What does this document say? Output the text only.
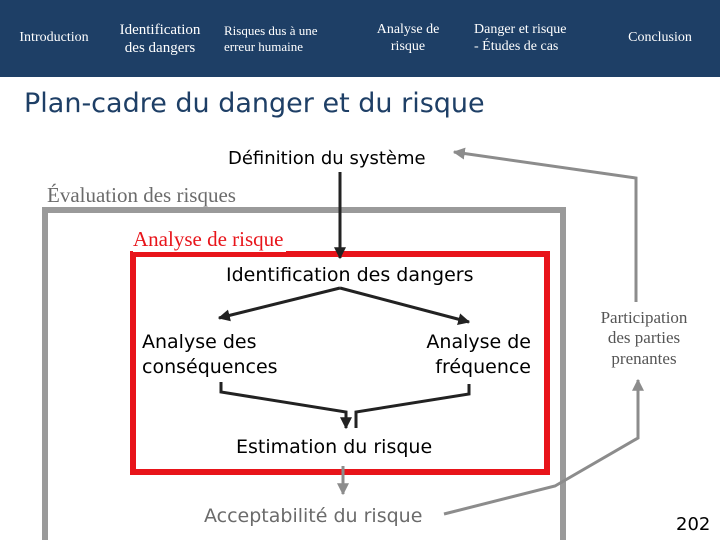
Introduction
Identification
des dangers
Risques dus à une
erreur humaine
Analyse de
risque
Danger et risque
- Études de cas
Conclusion
Plan-cadre du danger et du risque
Définition du système
Évaluation des risques
Analyse de risque
Identification des dangers
Analyse des
conséquences
Analyse de
fréquence
Estimation du risque
Acceptabilité du risque
Participation
des parties
prenantes
202
